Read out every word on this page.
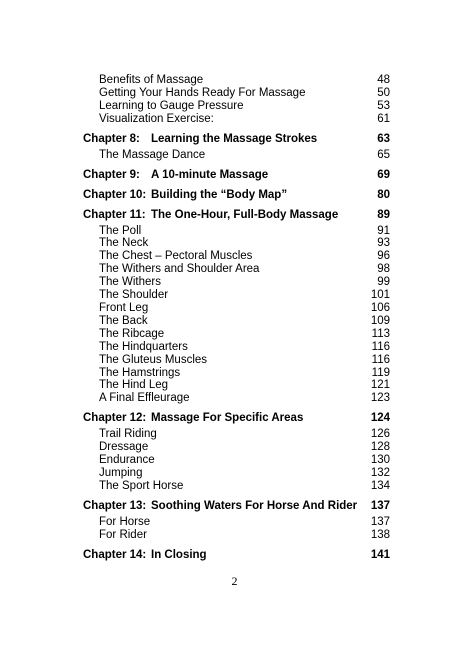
Benefits of Massage	48
Getting Your Hands Ready For Massage	50
Learning to Gauge Pressure	53
Visualization Exercise:	61
Chapter 8: Learning the Massage Strokes	63
The Massage Dance	65
Chapter 9: A 10-minute Massage	69
Chapter 10: Building the “Body Map”	80
Chapter 11: The One-Hour, Full-Body Massage	89
The Poll	91
The Neck	93
The Chest – Pectoral Muscles	96
The Withers and Shoulder Area	98
The Withers	99
The Shoulder	101
Front Leg	106
The Back	109
The Ribcage	113
The Hindquarters	116
The Gluteus Muscles	116
The Hamstrings	119
The Hind Leg	121
A Final Effleurage	123
Chapter 12: Massage For Specific Areas	124
Trail Riding	126
Dressage	128
Endurance	130
Jumping	132
The Sport Horse	134
Chapter 13: Soothing Waters For Horse And Rider 137
For Horse	137
For Rider	138
Chapter 14: In Closing	141
2
